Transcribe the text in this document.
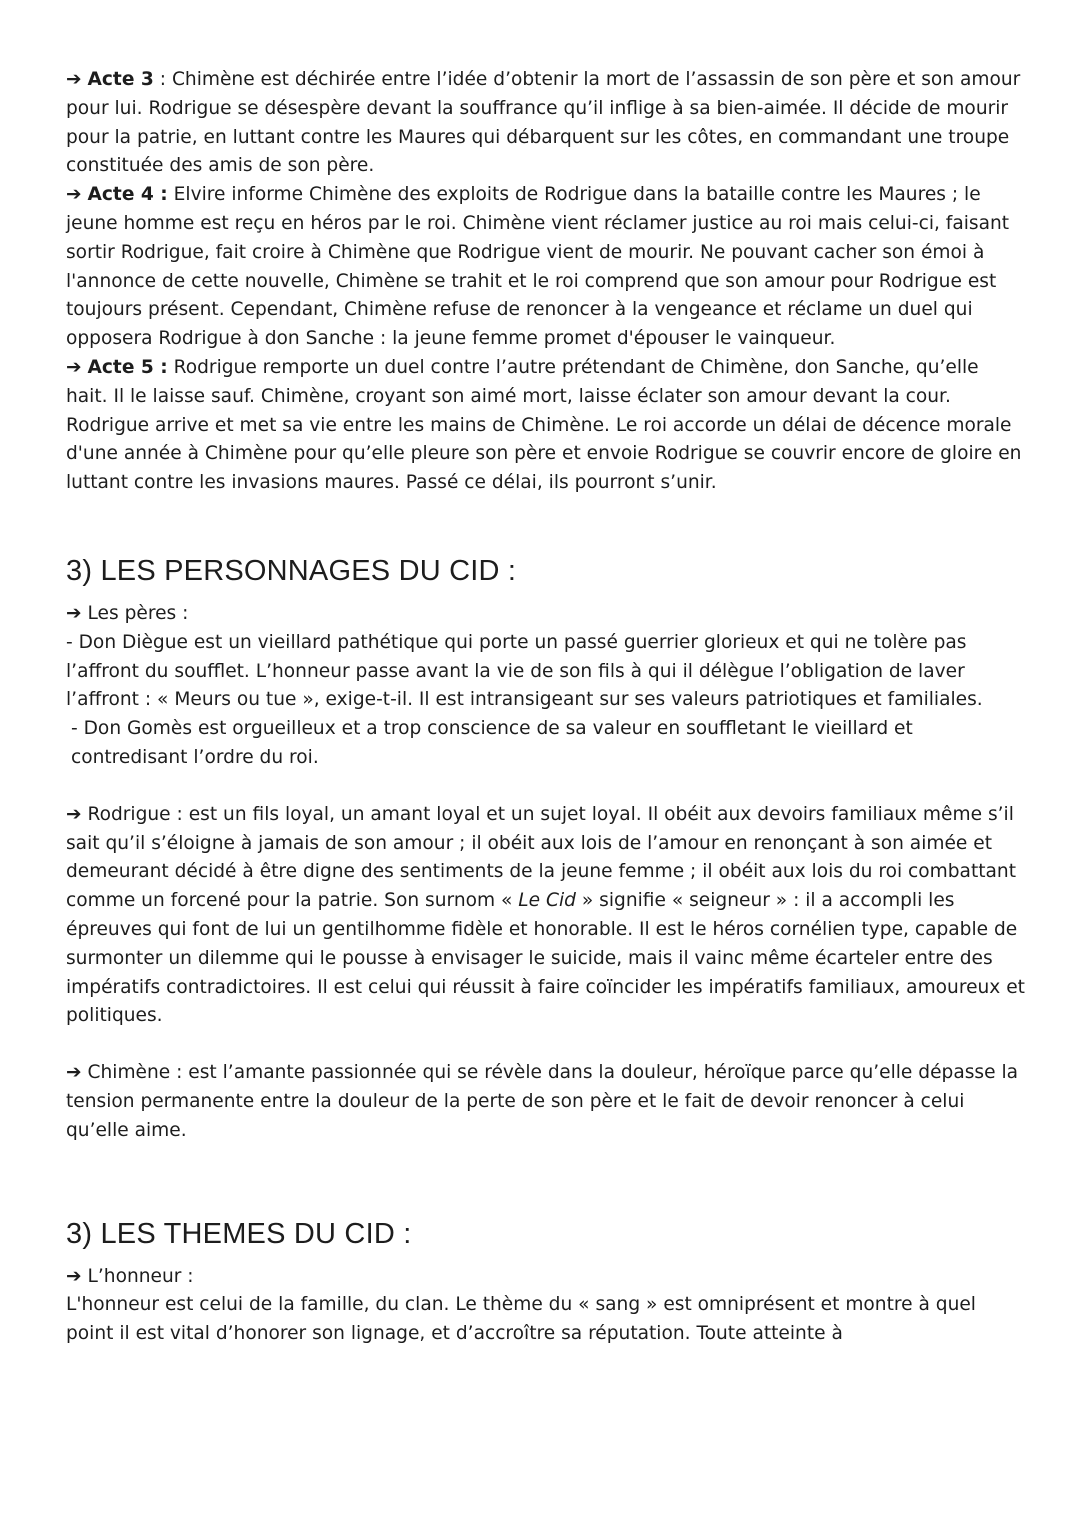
➔ Acte 3 : Chimène est déchirée entre l’idée d’obtenir la mort de l’assassin de son père et son amour pour lui. Rodrigue se désespère devant la souffrance qu’il inflige à sa bien-aimée. Il décide de mourir pour la patrie, en luttant contre les Maures qui débarquent sur les côtes, en commandant une troupe constituée des amis de son père.

➔ Acte 4 : Elvire informe Chimène des exploits de Rodrigue dans la bataille contre les Maures ; le jeune homme est reçu en héros par le roi. Chimène vient réclamer justice au roi mais celui-ci, faisant sortir Rodrigue, fait croire à Chimène que Rodrigue vient de mourir. Ne pouvant cacher son émoi à l'annonce de cette nouvelle, Chimène se trahit et le roi comprend que son amour pour Rodrigue est toujours présent. Cependant, Chimène refuse de renoncer à la vengeance et réclame un duel qui opposera Rodrigue à don Sanche : la jeune femme promet d'épouser le vainqueur.

➔ Acte 5 : Rodrigue remporte un duel contre l’autre prétendant de Chimène, don Sanche, qu’elle hait. Il le laisse sauf. Chimène, croyant son aimé mort, laisse éclater son amour devant la cour. Rodrigue arrive et met sa vie entre les mains de Chimène. Le roi accorde un délai de décence morale d'une année à Chimène pour qu’elle pleure son père et envoie Rodrigue se couvrir encore de gloire en luttant contre les invasions maures. Passé ce délai, ils pourront s’unir.

3) LES PERSONNAGES DU CID :

➔ Les pères :

- Don Diègue est un vieillard pathétique qui porte un passé guerrier glorieux et qui ne tolère pas l’affront du soufflet. L’honneur passe avant la vie de son fils à qui il délègue l’obligation de laver l’affront : « Meurs ou tue », exige-t-il. Il est intransigeant sur ses valeurs patriotiques et familiales.

- Don Gomès est orgueilleux et a trop conscience de sa valeur en souffletant le vieillard et contredisant l’ordre du roi.

➔ Rodrigue : est un fils loyal, un amant loyal et un sujet loyal. Il obéit aux devoirs familiaux même s’il sait qu’il s’éloigne à jamais de son amour ; il obéit aux lois de l’amour en renonçant à son aimée et demeurant décidé à être digne des sentiments de la jeune femme ; il obéit aux lois du roi combattant comme un forcené pour la patrie. Son surnom « Le Cid » signifie « seigneur » : il a accompli les épreuves qui font de lui un gentilhomme fidèle et honorable. Il est le héros cornélien type, capable de surmonter un dilemme qui le pousse à envisager le suicide, mais il vainc même écarteler entre des impératifs contradictoires. Il est celui qui réussit à faire coïncider les impératifs familiaux, amoureux et politiques.

➔ Chimène : est l’amante passionnée qui se révèle dans la douleur, héroïque parce qu’elle dépasse la tension permanente entre la douleur de la perte de son père et le fait de devoir renoncer à celui qu’elle aime.

3) LES THEMES DU CID :

➔ L’honneur :

L'honneur est celui de la famille, du clan. Le thème du « sang » est omniprésent et montre à quel point il est vital d’honorer son lignage, et d’accroître sa réputation. Toute atteinte à
